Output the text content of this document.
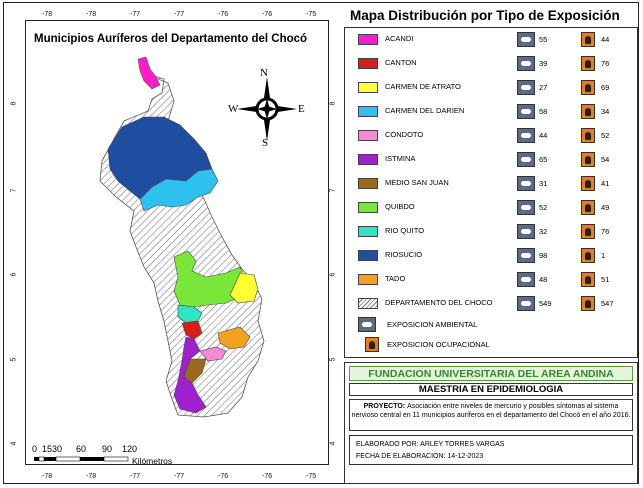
-78	-78	-77	-77	-76	-76	-75
-78	-78	-77	-77	-76	-76	-75
Municipios Auríferos del Departamento del Chocó
N
S
W	E
8
7
6
5
4
8
7
6
5
4
0 1530 60 90 120
Kilómetros
Mapa Distribución por Tipo de Exposición
ACANDI	55	44
CANTON	39	76
CARMEN DE ATRATO	27	69
CARMEN DEL DARIEN	58	34
CONDOTO	44	52
ISTMINA	65	54
MEDIO SAN JUAN	31	41
QUIBDO	52	49
RIO QUITO	32	76
RIOSUCIO	98	1
TADO	48	51
DEPARTAMENTO DEL CHOCO	549	547
EXPOSICION AMBIENTAL
EXPOSICION OCUPACIONAL
FUNDACION UNIVERSITARIA DEL AREA ANDINA
MAESTRIA EN EPIDEMIOLOGIA
PROYECTO: Asociación entre niveles de mercurio y posibles síntomas al sistema nervioso central en 11 municipios auríferos en el departamento del Chocó en el año 2016.
ELABORADO POR: ARLEY TORRES VARGAS
FECHA DE ELABORACION: 14-12-2023
